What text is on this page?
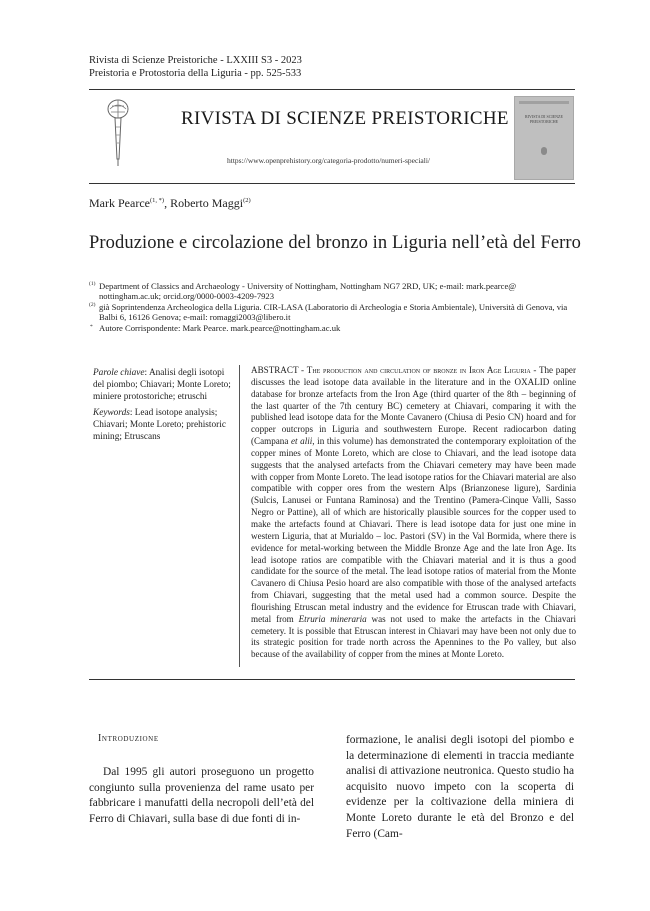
Rivista di Scienze Preistoriche - LXXIII S3 - 2023
Preistoria e Protostoria della Liguria - pp. 525-533
RIVISTA DI SCIENZE PREISTORICHE
https://www.openprehistory.org/categoria-prodotto/numeri-speciali/
RIVISTA DI SCIENZE
PREISTORICHE
Mark Pearce$^{(1, *)}$, Roberto Maggi$^{(2)}$
Produzione e circolazione del bronzo in Liguria nell’età del Ferro
(1) Department of Classics and Archaeology - University of Nottingham, Nottingham NG7 2RD, UK; e-mail: mark.pearce@ nottingham.ac.uk; orcid.org/0000-0003-4209-7923
(2) già Soprintendenza Archeologica della Liguria. CIR-LASA (Laboratorio di Archeologia e Storia Ambientale), Università di Genova, via Balbi 6, 16126 Genova; e-mail: romaggi2003@libero.it
* Autore Corrispondente: Mark Pearce. mark.pearce@nottingham.ac.uk

Parole chiave: Analisi degli isotopi del piombo; Chiavari; Monte Loreto; miniere protostoriche; etruschi

Keywords: Lead isotope analysis; Chiavari; Monte Loreto; prehistoric mining; Etruscans

ABSTRACT - The production and circulation of bronze in Iron Age Liguria - The paper discusses the lead isotope data available in the literature and in the OXALID online database for bronze artefacts from the Iron Age (third quarter of the 8th – beginning of the last quarter of the 7th century BC) cemetery at Chiavari, comparing it with the published lead isotope data for the Monte Cavanero (Chiusa di Pesio CN) hoard and for copper outcrops in Liguria and southwestern Europe. Recent radiocarbon dating (Campana et alii, in this volume) has demonstrated the contemporary exploitation of the copper mines of Monte Loreto, which are close to Chiavari, and the lead isotope data suggests that the analysed artefacts from the Chiavari cemetery may have been made with copper from Monte Loreto. The lead isotope ratios for the Chiavari material are also compatible with copper ores from the western Alps (Brianzonese ligure), Sardinia (Sulcis, Lanusei or Funtana Raminosa) and the Trentino (Pamera-Cinque Valli, Sasso Negro or Pattine), all of which are historically plausible sources for the copper used to make the artefacts found at Chiavari. There is lead isotope data for just one mine in western Liguria, that at Murialdo – loc. Pastori (SV) in the Val Bormida, where there is evidence for metal-working between the Middle Bronze Age and the late Iron Age. Its lead isotope ratios are compatible with the Chiavari material and it is thus a good candidate for the source of the metal. The lead isotope ratios of material from the Monte Cavanero di Chiusa Pesio hoard are also compatible with those of the analysed artefacts from Chiavari, suggesting that the metal used had a common source. Despite the flourishing Etruscan metal industry and the evidence for Etruscan trade with Chiavari, metal from Etruria mineraria was not used to make the artefacts in the Chiavari cemetery. It is possible that Etruscan interest in Chiavari may have been not only due to its strategic position for trade north across the Apennines to the Po valley, but also because of the availability of copper from the mines at Monte Loreto.
Introduzione
Dal 1995 gli autori proseguono un progetto congiunto sulla provenienza del rame usato per fabbricare i manufatti della necropoli dell’età del Ferro di Chiavari, sulla base di due fonti di in-
formazione, le analisi degli isotopi del piombo e la determinazione di elementi in traccia mediante analisi di attivazione neutronica. Questo studio ha acquisito nuovo impeto con la scoperta di evidenze per la coltivazione della miniera di Monte Loreto durante le età del Bronzo e del Ferro (Cam-
